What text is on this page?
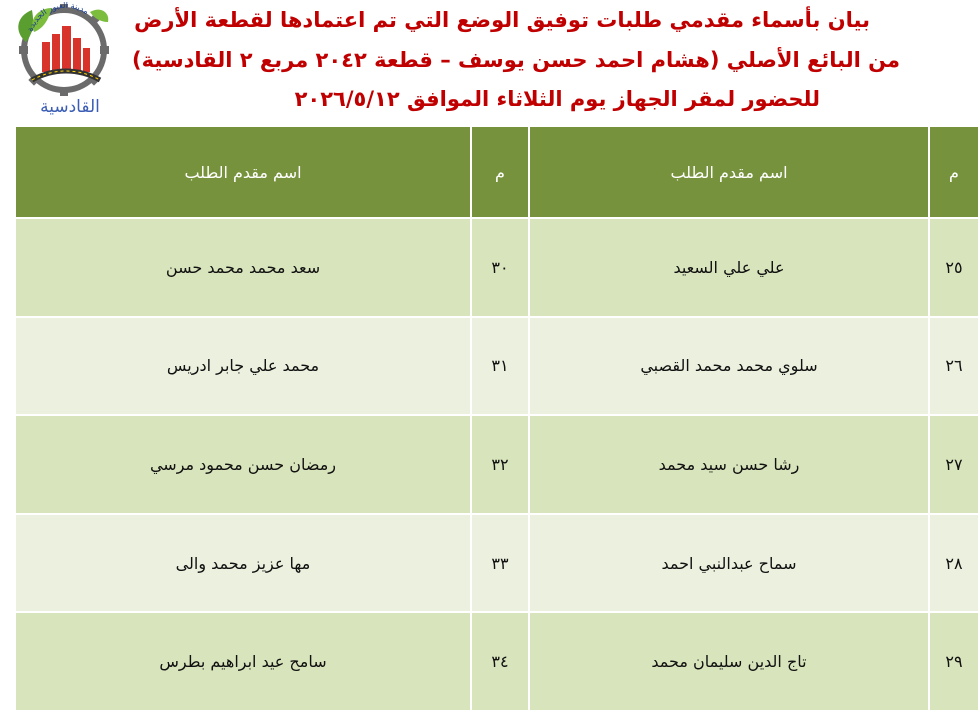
بيان بأسماء مقدمي طلبات توفيق الوضع التي تم اعتمادها لقطعة الأرض
من البائع الأصلي (هشام احمد حسن يوسف – قطعة ٢٠٤٢ مربع ٢ القادسية)
للحضور لمقر الجهاز يوم الثلاثاء الموافق ٢٠٢٦/٥/١٢
مدينة العبور الجديدة
القادسية
اسم مقدم الطلب	م	اسم مقدم الطلب	م
سعد محمد محمد حسن	٣٠	علي علي السعيد	٢٥
محمد علي جابر ادريس	٣١	سلوي محمد محمد القصبي	٢٦
رمضان حسن محمود مرسي	٣٢	رشا حسن سيد محمد	٢٧
مها عزيز محمد والى	٣٣	سماح عبدالنبي احمد	٢٨
سامح عيد ابراهيم بطرس	٣٤	تاج الدين سليمان محمد	٢٩
